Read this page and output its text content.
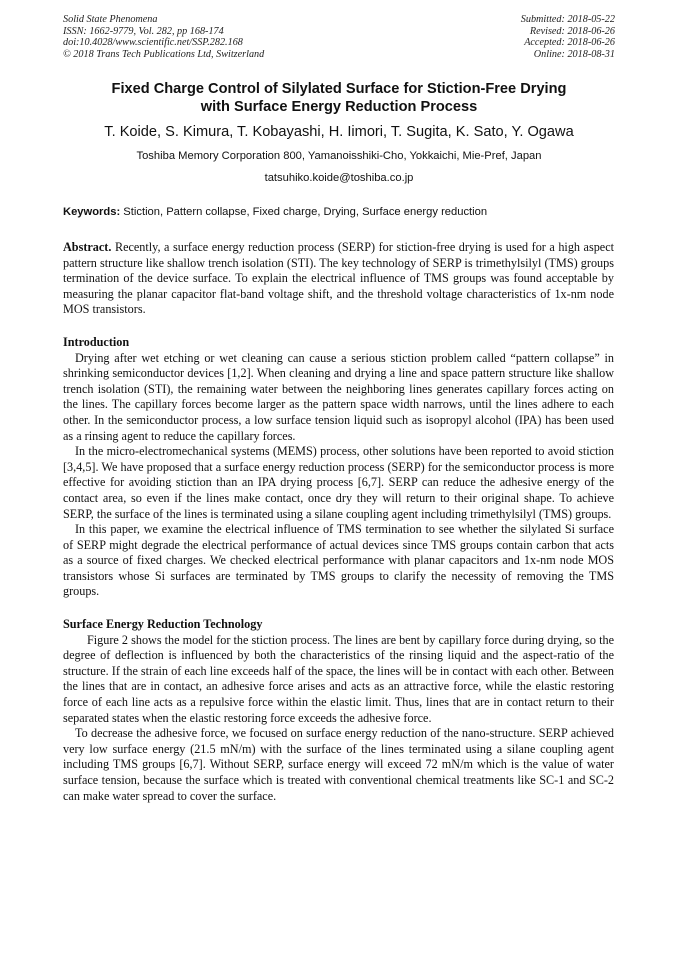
Solid State Phenomena
ISSN: 1662-9779, Vol. 282, pp 168-174
doi:10.4028/www.scientific.net/SSP.282.168
© 2018 Trans Tech Publications Ltd, Switzerland
Submitted: 2018-05-22
Revised: 2018-06-26
Accepted: 2018-06-26
Online: 2018-08-31
Fixed Charge Control of Silylated Surface for Stiction-Free Drying
with Surface Energy Reduction Process
T. Koide, S. Kimura, T. Kobayashi, H. Iimori, T. Sugita, K. Sato, Y. Ogawa
Toshiba Memory Corporation 800, Yamanoisshiki-Cho, Yokkaichi, Mie-Pref, Japan
tatsuhiko.koide@toshiba.co.jp
Keywords: Stiction, Pattern collapse, Fixed charge, Drying, Surface energy reduction

Abstract. Recently, a surface energy reduction process (SERP) for stiction-free drying is used for a high aspect pattern structure like shallow trench isolation (STI). The key technology of SERP is trimethylsilyl (TMS) groups termination of the device surface. To explain the electrical influence of TMS groups was found acceptable by measuring the planar capacitor flat-band voltage shift, and the threshold voltage characteristics of 1x-nm node MOS transistors.

Introduction

Drying after wet etching or wet cleaning can cause a serious stiction problem called “pattern collapse” in shrinking semiconductor devices [1,2]. When cleaning and drying a line and space pattern structure like shallow trench isolation (STI), the remaining water between the neighboring lines generates capillary forces acting on the lines. The capillary forces become larger as the pattern space width narrows, until the lines adhere to each other. In the semiconductor process, a low surface tension liquid such as isopropyl alcohol (IPA) has been used as a rinsing agent to reduce the capillary forces.

In the micro-electromechanical systems (MEMS) process, other solutions have been reported to avoid stiction [3,4,5]. We have proposed that a surface energy reduction process (SERP) for the semiconductor process is more effective for avoiding stiction than an IPA drying process [6,7]. SERP can reduce the adhesive energy of the contact area, so even if the lines make contact, once dry they will return to their original shape. To achieve SERP, the surface of the lines is terminated using a silane coupling agent including trimethylsilyl (TMS) groups.

In this paper, we examine the electrical influence of TMS termination to see whether the silylated Si surface of SERP might degrade the electrical performance of actual devices since TMS groups contain carbon that acts as a source of fixed charges. We checked electrical performance with planar capacitors and 1x-nm node MOS transistors whose Si surfaces are terminated by TMS groups to clarify the necessity of removing the TMS groups.

Surface Energy Reduction Technology

Figure 2 shows the model for the stiction process. The lines are bent by capillary force during drying, so the degree of deflection is influenced by both the characteristics of the rinsing liquid and the aspect-ratio of the structure. If the strain of each line exceeds half of the space, the lines will be in contact with each other. Between the lines that are in contact, an adhesive force arises and acts as an attractive force, while the elastic restoring force of each line acts as a repulsive force within the elastic limit. Thus, lines that are in contact return to their separated states when the elastic restoring force exceeds the adhesive force.

To decrease the adhesive force, we focused on surface energy reduction of the nano-structure. SERP achieved very low surface energy (21.5 mN/m) with the surface of the lines terminated using a silane coupling agent including TMS groups [6,7]. Without SERP, surface energy will exceed 72 mN/m which is the value of water surface tension, because the surface which is treated with conventional chemical treatments like SC-1 and SC-2 can make water spread to cover the surface.
